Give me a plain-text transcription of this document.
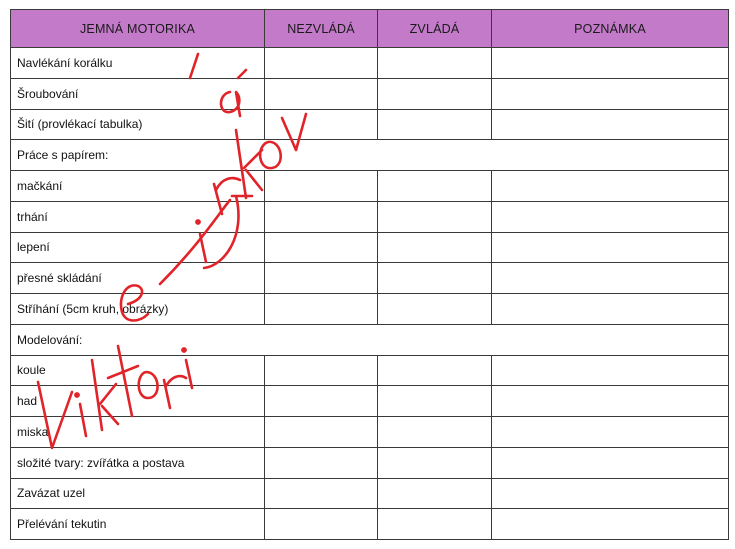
JEMNÁ MOTORIKA	NEZVLÁDÁ	ZVLÁDÁ	POZNÁMKA
Navlékání korálku			
Šroubování			
Šití (provlékací tabulka)			
Práce s papírem:			
mačkání			
trhání			
lepení			
přesné skládání			
Stříhání (5cm kruh, obrázky)			
Modelování:			
koule			
had			
miska			
složité tvary: zvířátka a postava			
Zavázat uzel			
Přelévání tekutin			
